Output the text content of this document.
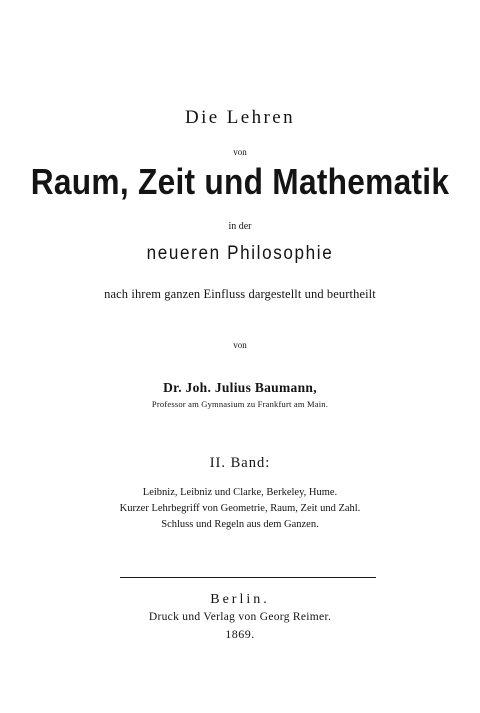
Die Lehren
von
Raum, Zeit und Mathematik
in der
neueren Philosophie
nach ihrem ganzen Einfluss dargestellt und beurtheilt
von
Dr. Joh. Julius Baumann,
Professor am Gymnasium zu Frankfurt am Main.
II. Band:
Leibniz, Leibniz und Clarke, Berkeley, Hume.
Kurzer Lehrbegriff von Geometrie, Raum, Zeit und Zahl.
Schluss und Regeln aus dem Ganzen.
Berlin.
Druck und Verlag von Georg Reimer.
1869.
